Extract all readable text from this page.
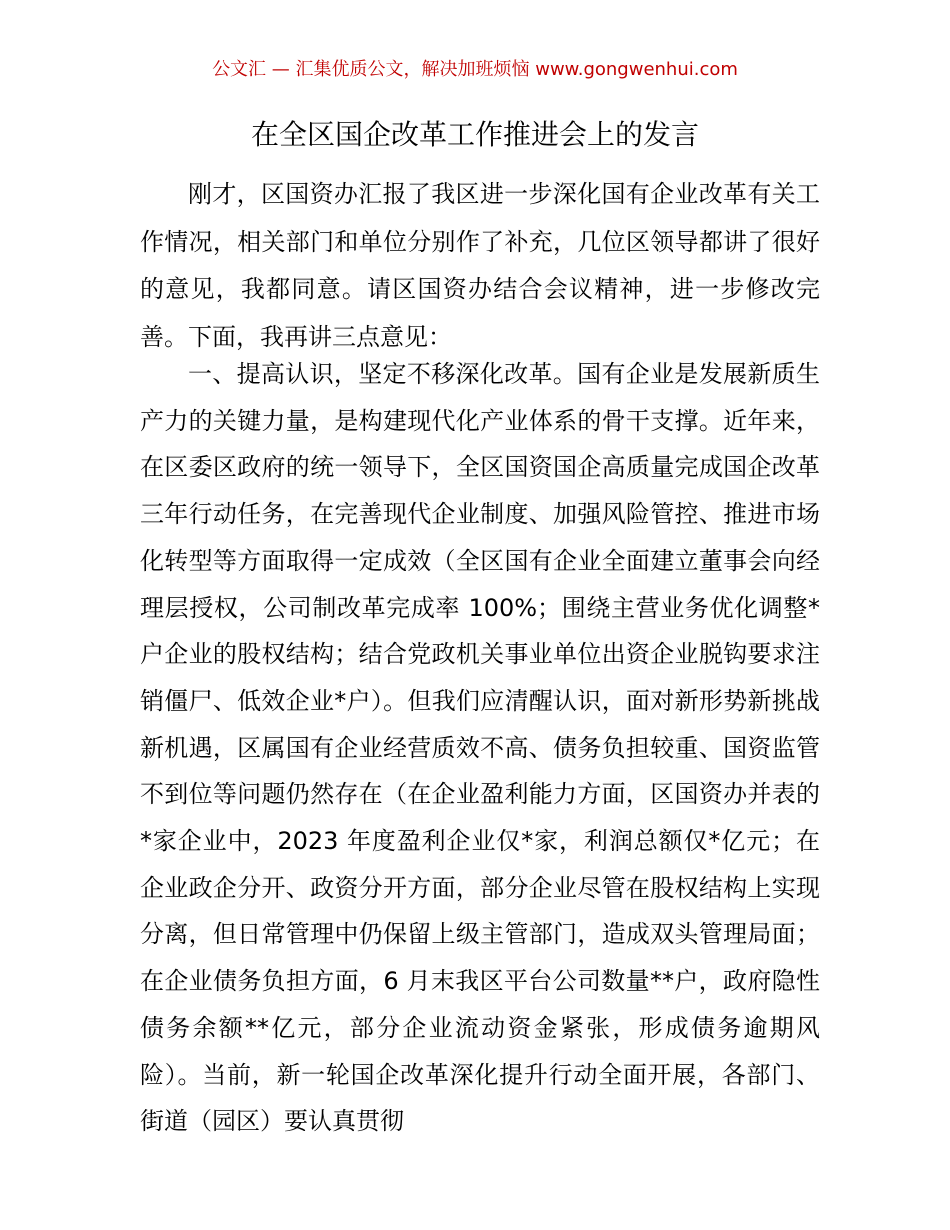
公文汇 — 汇集优质公文，解决加班烦恼 www.gongwenhui.com
在全区国企改革工作推进会上的发言

刚才，区国资办汇报了我区进一步深化国有企业改革有关工作情况，相关部门和单位分别作了补充，几位区领导都讲了很好的意见，我都同意。请区国资办结合会议精神，进一步修改完善。下面，我再讲三点意见：

一、提高认识，坚定不移深化改革。国有企业是发展新质生产力的关键力量，是构建现代化产业体系的骨干支撑。近年来，在区委区政府的统一领导下，全区国资国企高质量完成国企改革三年行动任务，在完善现代企业制度、加强风险管控、推进市场化转型等方面取得一定成效（全区国有企业全面建立董事会向经理层授权，公司制改革完成率 100%；围绕主营业务优化调整*户企业的股权结构；结合党政机关事业单位出资企业脱钩要求注销僵尸、低效企业*户）。但我们应清醒认识，面对新形势新挑战新机遇，区属国有企业经营质效不高、债务负担较重、国资监管不到位等问题仍然存在（在企业盈利能力方面，区国资办并表的*家企业中，2023 年度盈利企业仅*家，利润总额仅*亿元；在企业政企分开、政资分开方面，部分企业尽管在股权结构上实现分离，但日常管理中仍保留上级主管部门，造成双头管理局面；在企业债务负担方面，6 月末我区平台公司数量**户，政府隐性债务余额**亿元，部分企业流动资金紧张，形成债务逾期风险）。当前，新一轮国企改革深化提升行动全面开展，各部门、街道（园区）要认真贯彻
